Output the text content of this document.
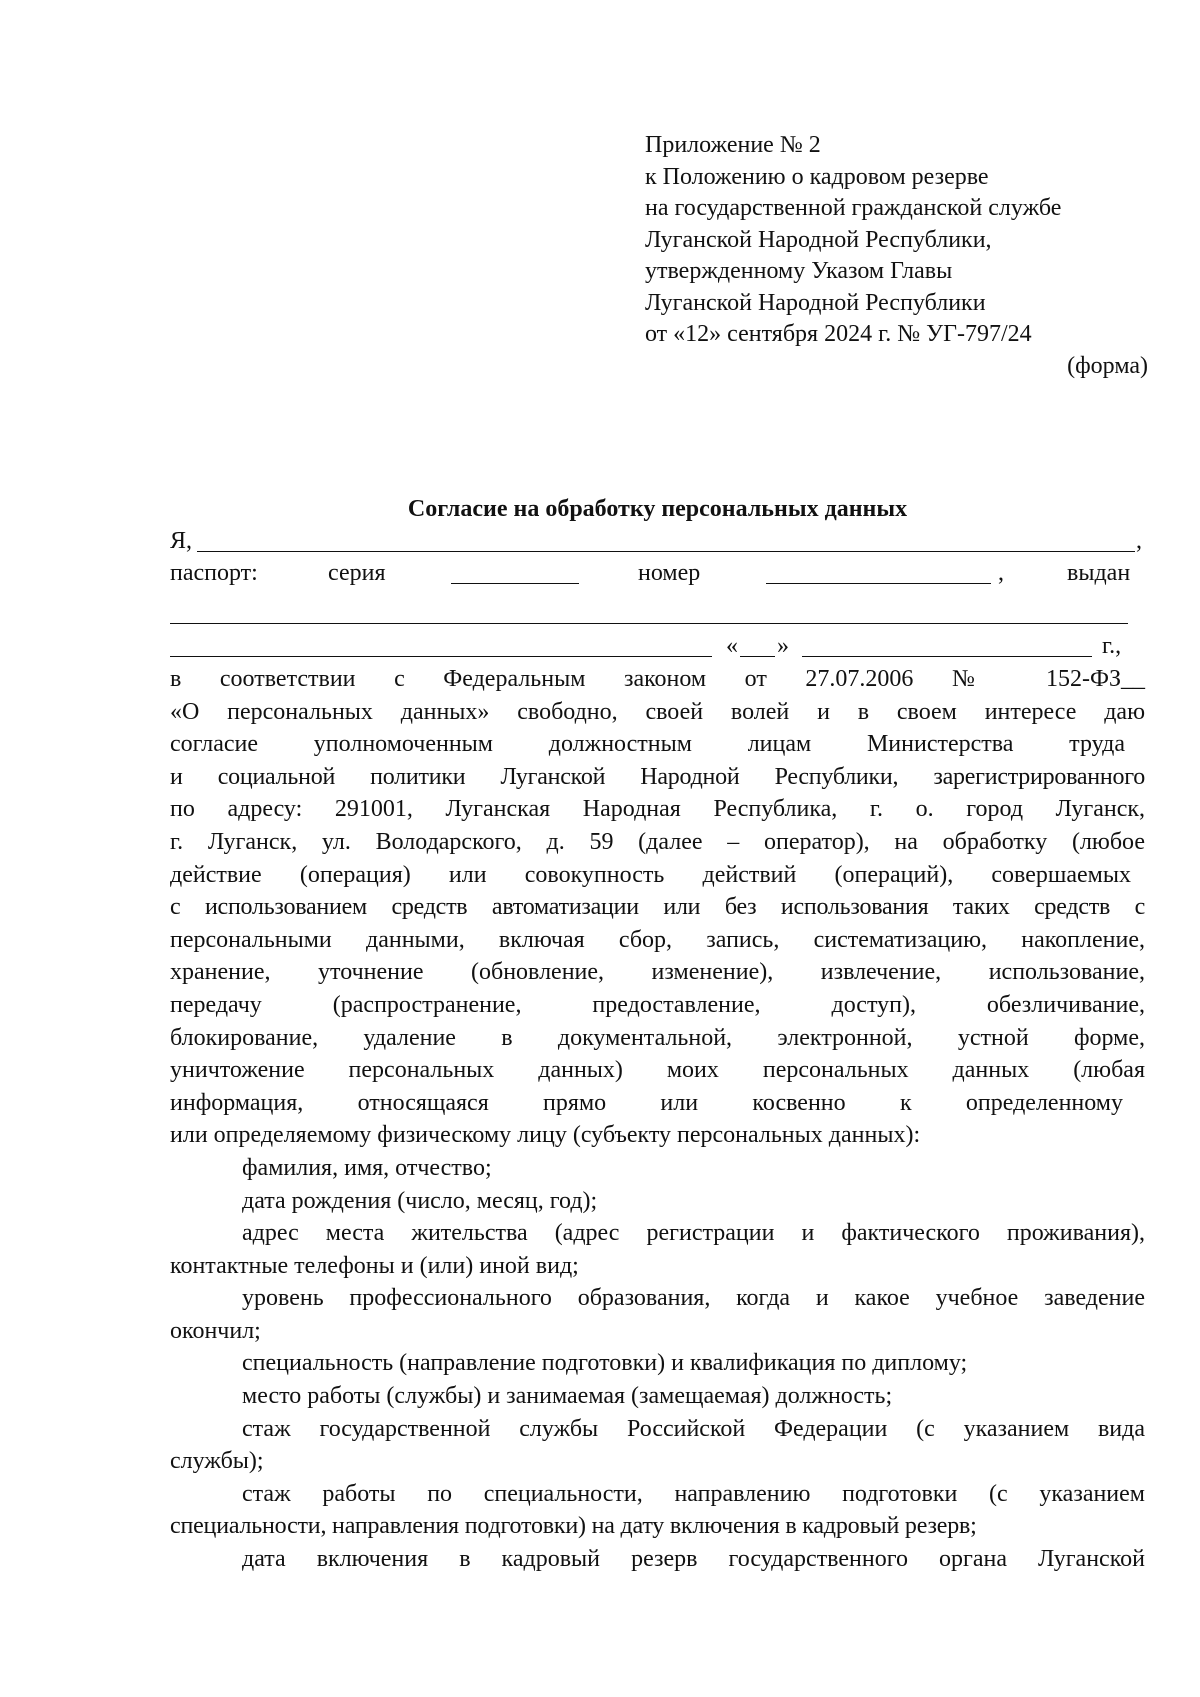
Приложение № 2
к Положению о кадровом резерве
на государственной гражданской службе
Луганской Народной Республики,
утвержденному Указом Главы
Луганской Народной Республики
от «12» сентября 2024 г. № УГ-797/24
(форма)
Согласие на обработку персональных данных
Я,	,
паспорт:	серия	номер	,	выдан
« »	г.,

в соответствии с Федеральным законом от 27.07.2006 № 152-ФЗ__

«О персональных данных» свободно, своей волей и в своем интересе даю

согласие уполномоченным должностным лицам Министерства труда

и социальной политики Луганской Народной Республики, зарегистрированного

по адресу: 291001, Луганская Народная Республика, г. о. город Луганск,

г. Луганск, ул. Володарского, д. 59 (далее – оператор), на обработку (любое

действие (операция) или совокупность действий (операций), совершаемых

с использованием средств автоматизации или без использования таких средств с

персональными данными, включая сбор, запись, систематизацию, накопление,

хранение, уточнение (обновление, изменение), извлечение, использование,

передачу (распространение, предоставление, доступ), обезличивание,

блокирование, удаление в документальной, электронной, устной форме,

уничтожение персональных данных) моих персональных данных (любая

информация, относящаяся прямо или косвенно к определенному

или определяемому физическому лицу (субъекту персональных данных):

фамилия, имя, отчество;

дата рождения (число, месяц, год);

адрес места жительства (адрес регистрации и фактического проживания),

контактные телефоны и (или) иной вид;

уровень профессионального образования, когда и какое учебное заведение

окончил;

специальность (направление подготовки) и квалификация по диплому;

место работы (службы) и занимаемая (замещаемая) должность;

стаж государственной службы Российской Федерации (с указанием вида

службы);

стаж работы по специальности, направлению подготовки (с указанием

специальности, направления подготовки) на дату включения в кадровый резерв;

дата включения в кадровый резерв государственного органа Луганской
